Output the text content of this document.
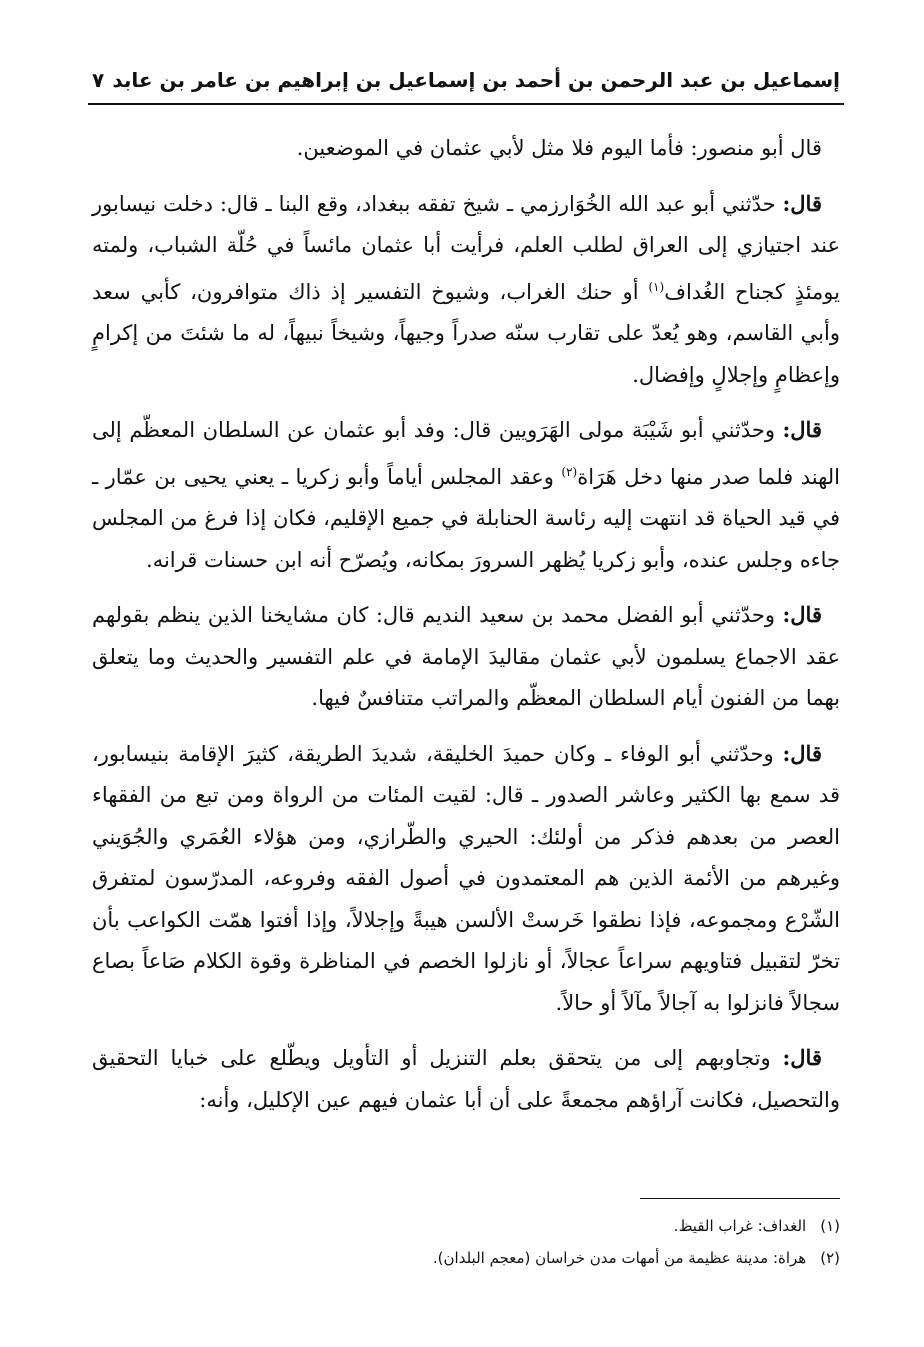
إسماعيل بن عبد الرحمن بن أحمد بن إسماعيل بن إبراهيم بن عامر بن عابد
٧

قال أبو منصور: فأما اليوم فلا مثل لأبي عثمان في الموضعين.

قال: حدّثني أبو عبد الله الخُوَارزمي ـ شيخ تفقه ببغداد، وقع البنا ـ قال: دخلت نيسابور عند اجتيازي إلى العراق لطلب العلم، فرأيت أبا عثمان مائساً في حُلّة الشباب، ولمته يومئذٍ كجناح الغُداف$^{(١)}$ أو حنك الغراب، وشيوخ التفسير إذ ذاك متوافرون، كأبي سعد وأبي القاسم، وهو يُعدّ على تقارب سنّه صدراً وجيهاً، وشيخاً نبيهاً، له ما شئتَ من إكرامٍ وإعظامٍ وإجلالٍ وإفضال.

قال: وحدّثني أبو شَيْبَة مولى الهَرَويين قال: وفد أبو عثمان عن السلطان المعظّم إلى الهند فلما صدر منها دخل هَرَاة$^{(٢)}$ وعقد المجلس أياماً وأبو زكريا ـ يعني يحيى بن عمّار ـ في قيد الحياة قد انتهت إليه رئاسة الحنابلة في جميع الإقليم، فكان إذا فرغ من المجلس جاءه وجلس عنده، وأبو زكريا يُظهر السرورَ بمكانه، ويُصرّح أنه ابن حسنات قرانه.

قال: وحدّثني أبو الفضل محمد بن سعيد النديم قال: كان مشايخنا الذين ينظم بقولهم عقد الاجماع يسلمون لأبي عثمان مقاليدَ الإمامة في علم التفسير والحديث وما يتعلق بهما من الفنون أيام السلطان المعظّم والمراتب متنافسٌ فيها.

قال: وحدّثني أبو الوفاء ـ وكان حميدَ الخليقة، شديدَ الطريقة، كثيرَ الإقامة بنيسابور، قد سمع بها الكثير وعاشر الصدور ـ قال: لقيت المئات من الرواة ومن تبع من الفقهاء العصر من بعدهم فذكر من أولئك: الحيري والطّرازي، ومن هؤلاء العُمَري والجُوَيني وغيرهم من الأئمة الذين هم المعتمدون في أصول الفقه وفروعه، المدرّسون لمتفرق الشّرْع ومجموعه، فإذا نطقوا خَرستْ الألسن هيبةً وإجلالاً، وإذا أفتوا همّت الكواعب بأن تخرّ لتقبيل فتاويهم سراعاً عجالاً، أو نازلوا الخصم في المناظرة وقوة الكلام صَاعاً بصاع سجالاً فانزلوا به آجالاً مآلاً أو حالاً.

قال: وتجاوبهم إلى من يتحقق بعلم التنزيل أو التأويل ويطّلع على خبايا التحقيق والتحصيل، فكانت آراؤهم مجمعةً على أن أبا عثمان فيهم عين الإكليل، وأنه:

(١)الغداف: غراب القيظ.
(٢)هراة: مدينة عظيمة من أمهات مدن خراسان (معجم البلدان).
